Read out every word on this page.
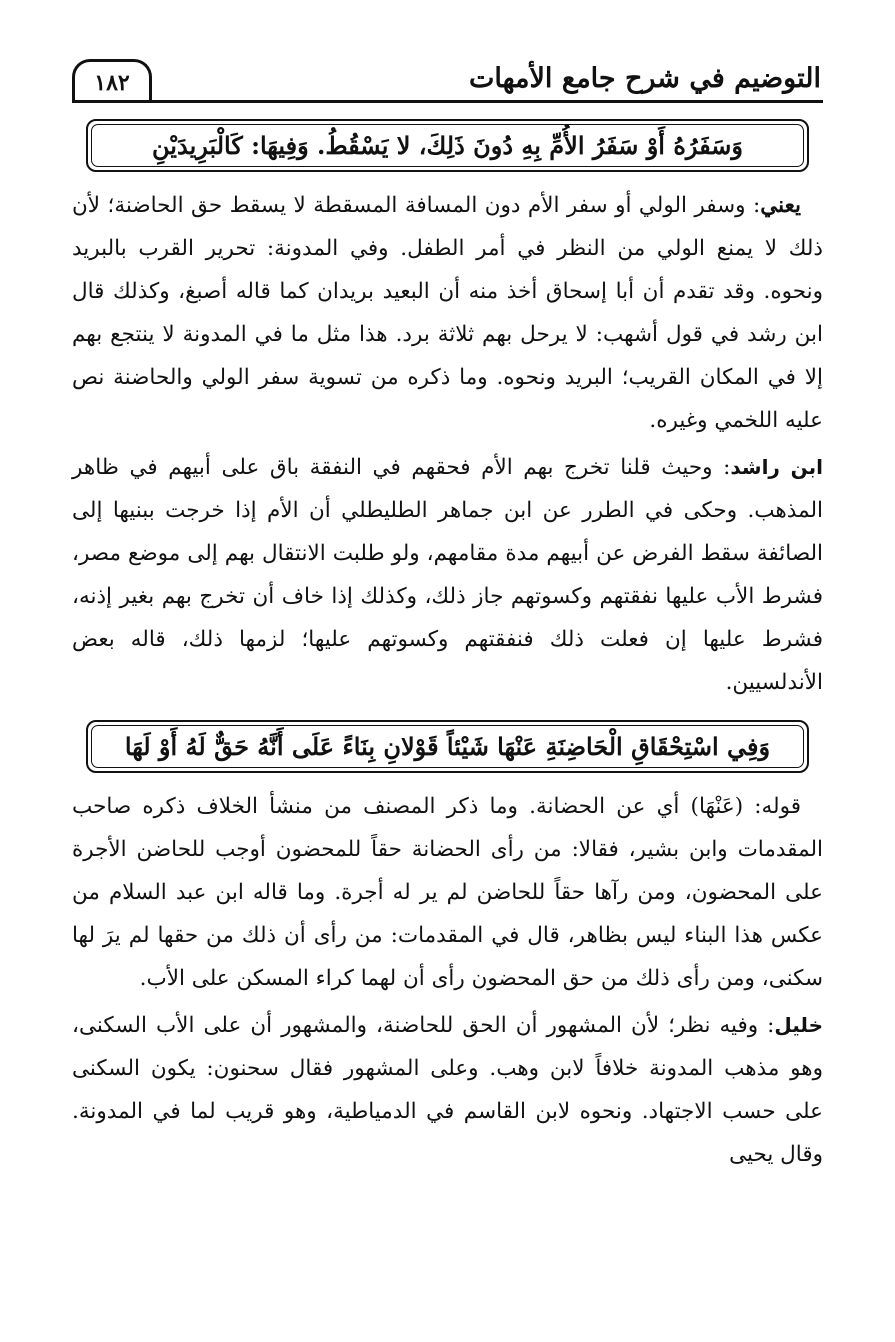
التوضيم في شرح جامع الأمهات
١٨٢
وَسَفَرُهُ أَوْ سَفَرُ الأُمِّ بِهِ دُونَ ذَلِكَ، لا يَسْقُطُ. وَفِيهَا: كَالْبَرِيدَيْنِ

يعني: وسفر الولي أو سفر الأم دون المسافة المسقطة لا يسقط حق الحاضنة؛ لأن ذلك لا يمنع الولي من النظر في أمر الطفل. وفي المدونة: تحرير القرب بالبريد ونحوه. وقد تقدم أن أبا إسحاق أخذ منه أن البعيد بريدان كما قاله أصبغ، وكذلك قال ابن رشد في قول أشهب: لا يرحل بهم ثلاثة برد. هذا مثل ما في المدونة لا ينتجع بهم إلا في المكان القريب؛ البريد ونحوه. وما ذكره من تسوية سفر الولي والحاضنة نص عليه اللخمي وغيره.

ابن راشد: وحيث قلنا تخرج بهم الأم فحقهم في النفقة باق على أبيهم في ظاهر المذهب. وحكى في الطرر عن ابن جماهر الطليطلي أن الأم إذا خرجت ببنيها إلى الصائفة سقط الفرض عن أبيهم مدة مقامهم، ولو طلبت الانتقال بهم إلى موضع مصر، فشرط الأب عليها نفقتهم وكسوتهم جاز ذلك، وكذلك إذا خاف أن تخرج بهم بغير إذنه، فشرط عليها إن فعلت ذلك فنفقتهم وكسوتهم عليها؛ لزمها ذلك، قاله بعض الأندلسيين.

وَفِي اسْتِحْقَاقِ الْحَاضِنَةِ عَنْهَا شَيْئاً قَوْلانِ بِنَاءً عَلَى أَنَّهُ حَقٌّ لَهُ أَوْ لَهَا

قوله: (عَنْهَا) أي عن الحضانة. وما ذكر المصنف من منشأ الخلاف ذكره صاحب المقدمات وابن بشير، فقالا: من رأى الحضانة حقاً للمحضون أوجب للحاضن الأجرة على المحضون، ومن رآها حقاً للحاضن لم ير له أجرة. وما قاله ابن عبد السلام من عكس هذا البناء ليس بظاهر، قال في المقدمات: من رأى أن ذلك من حقها لم يرَ لها سكنى، ومن رأى ذلك من حق المحضون رأى أن لهما كراء المسكن على الأب.

خليل: وفيه نظر؛ لأن المشهور أن الحق للحاضنة، والمشهور أن على الأب السكنى، وهو مذهب المدونة خلافاً لابن وهب. وعلى المشهور فقال سحنون: يكون السكنى على حسب الاجتهاد. ونحوه لابن القاسم في الدمياطية، وهو قريب لما في المدونة. وقال يحيى
